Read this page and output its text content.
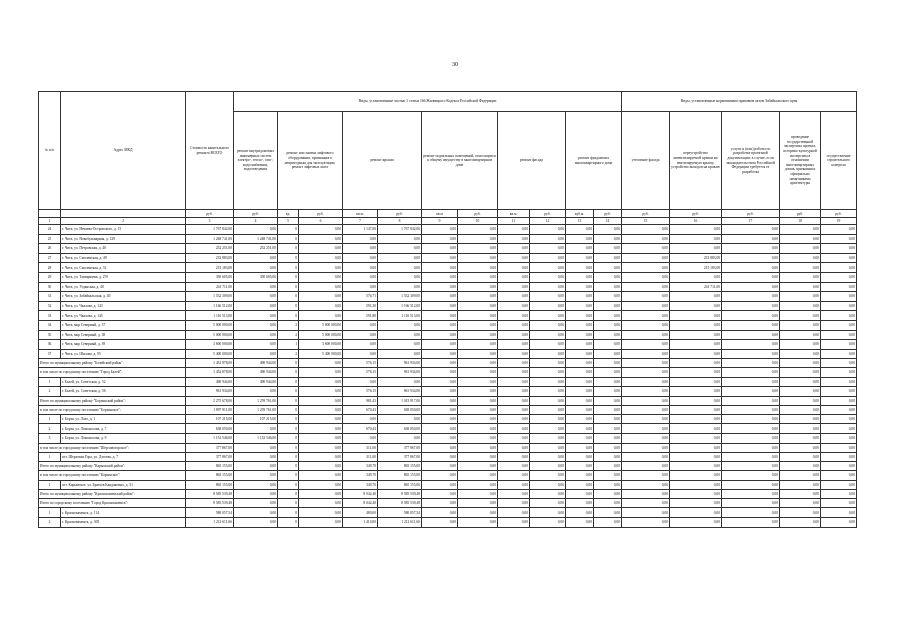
30
№ п/п	Адрес МКД	Стоимость капитального ремонта ВСЕГО	Виды, установленные частью 1 статьи 166 Жилищного Кодекса Российской Федерации											Виды, установленные нормативным правовым актом Забайкальского края				
			ремонт внутридомовых инженерных систем электро-, тепло-, газо-, водоснабжения, водоотведения	ремонт или замена лифтового оборудования, признанного непригодным для эксплуатации, ремонт лифтовых шахт		ремонт крыши		ремонт подвальных помещений, относящихся к общему имуществу в многоквартирном доме		ремонт фасада		ремонт фундамента многоквартирного дома		утепление фасада	переустройство невентилируемой крыши на вентилируемую крышу, устройство выходов на кровлю	услуги и (или) работы по разработке проектной документации, в случае, если законодательством Российской Федерации требуется ее разработка	проведение государственной экспертизы проекта, историко-культурной экспертизы в отношении многоквартирных домов, признанных официально памятниками архитектуры	осуществление строительного контроля
		руб.	руб.	ед.	руб.	кв.м.	руб.	кв.м	руб.	кв.м.	руб.	куб.м.	руб.	руб.	руб.	руб.	руб.	руб.
1	2	3	4	5	6	7	8	9	10	11	12	13	14	15	16	17	18	19
24	г. Чита, ул. Нечаева-Островского, д. 15	1 767 842,00	0,00	0	0,00	1 147,00	1 767 842,00	0,00	0,00	0,00	0,00	0,00	0,00	0,00	0,00	0,00	0,00	0,00
25	г. Чита, ул. Новобульварная, д. 129	1 248 741,00	1 248 741,00	0	0,00	0,00	0,00	0,00	0,00	0,00	0,00	0,00	0,00	0,00	0,00	0,00	0,00	0,00
26	г. Чита, ул. Петровская, д. 40	252 251,00	252 251,00	0	0,00	0,00	0,00	0,00	0,00	0,00	0,00	0,00	0,00	0,00	0,00	0,00	0,00	0,00
27	г. Чита, ул. Смоленская, д. 49	233 883,00	0,00	0	0,00	0,00	0,00	0,00	0,00	0,00	0,00	0,00	0,00	0,00	233 883,00	0,00	0,00	0,00
28	г. Чита, ул. Смоленская, д. 51	215 183,00	0,00	0	0,00	0,00	0,00	0,00	0,00	0,00	0,00	0,00	0,00	0,00	215 183,00	0,00	0,00	0,00
29	г. Чита, ул. Тимирязева, д. 27б	350 605,00	350 605,00	0	0,00	0,00	0,00	0,00	0,00	0,00	0,00	0,00	0,00	0,00	0,00	0,00	0,00	0,00
30	г. Чита, ул. Угданская, д. 40	241 711,00	0,00	0	0,00	0,00	0,00	0,00	0,00	0,00	0,00	0,00	0,00	0,00	241 711,00	0,00	0,00	0,00
31	г. Чита, ул. Забайкальская, д. 40	1 532 309,00	0,00	0	0,00	576,71	1 532 309,00	0,00	0,00	0,00	0,00	0,00	0,00	0,00	0,00	0,00	0,00	0,00
32	г. Чита, ул. Чкалова, д. 143	1 166 512,00	0,00	0	0,00	591,30	1 166 512,00	0,00	0,00	0,00	0,00	0,00	0,00	0,00	0,00	0,00	0,00	0,00
33	г. Чита, ул. Чкалова, д. 145	1 116 513,00	0,00	0	0,00	591,80	1 116 513,00	0,00	0,00	0,00	0,00	0,00	0,00	0,00	0,00	0,00	0,00	0,00
34	г. Чита, мкр Северный, д. 37	5 000 000,00	0,00	2	5 000 000,00	0,00	0,00	0,00	0,00	0,00	0,00	0,00	0,00	0,00	0,00	0,00	0,00	0,00
35	г. Чита, мкр Северный, д. 38	5 000 000,00	0,00	2	5 000 000,00	0,00	0,00	0,00	0,00	0,00	0,00	0,00	0,00	0,00	0,00	0,00	0,00	0,00
36	г. Чита, мкр Северный, д. 39	3 600 000,00	0,00	1	3 600 000,00	0,00	0,00	0,00	0,00	0,00	0,00	0,00	0,00	0,00	0,00	0,00	0,00	0,00
37	г. Чита, ул. Шилова, д. 95	5 400 000,00	0,00	2	5 400 000,00	0,00	0,00	0,00	0,00	0,00	0,00	0,00	0,00	0,00	0,00	0,00	0,00	0,00
Итого по муниципальному району "Балейский район":		1 452 878,00	490 944,00	0	0,00	576,15	961 934,00	0,00	0,00	0,00	0,00	0,00	0,00	0,00	0,00	0,00	0,00	0,00
в том числе по городскому поселению "Город Балей":		1 452 878,00	490 944,00	0	0,00	576,15	961 934,00	0,00	0,00	0,00	0,00	0,00	0,00	0,00	0,00	0,00	0,00	0,00
1	г. Балей, ул. Советская, д. 52	490 944,00	490 944,00	0	0,00	0,00	0,00	0,00	0,00	0,00	0,00	0,00	0,00	0,00	0,00	0,00	0,00	0,00
2	г. Балей, ул. Советская, д. 56	961 934,00	0,00	0	0,00	576,15	961 934,00	0,00	0,00	0,00	0,00	0,00	0,00	0,00	0,00	0,00	0,00	0,00
Итого по муниципальному району "Борзинский район":		2 275 678,00	1 259 761,00	0	0,00	981,43	1 015 917,00	0,00	0,00	0,00	0,00	0,00	0,00	0,00	0,00	0,00	0,00	0,00
в том числе по городскому поселению "Борзинское":		1 897 811,00	1 259 761,00	0	0,00	670,43	638 050,00	0,00	0,00	0,00	0,00	0,00	0,00	0,00	0,00	0,00	0,00	0,00
1	г. Борзя, ул. Лазо, д. 1	107 215,00	107 215,00	0	0,00	0,00	0,00	0,00	0,00	0,00	0,00	0,00	0,00	0,00	0,00	0,00	0,00	0,00
2	г. Борзя, ул. Ломоносова, д. 7	638 050,00	0,00	0	0,00	670,43	638 050,00	0,00	0,00	0,00	0,00	0,00	0,00	0,00	0,00	0,00	0,00	0,00
3	г. Борзя, ул. Ломоносова, д. 9	1 152 546,00	1 152 546,00	0	0,00	0,00	0,00	0,00	0,00	0,00	0,00	0,00	0,00	0,00	0,00	0,00	0,00	0,00
в том числе по городскому поселению "Шерловогорское":		377 867,00	0,00	0	0,00	311,00	377 867,00	0,00	0,00	0,00	0,00	0,00	0,00	0,00	0,00	0,00	0,00	0,00
1	пгт. Шерловая Гора, ул. Дзгоева, д. 7	377 867,00	0,00	0	0,00	311,00	377 867,00	0,00	0,00	0,00	0,00	0,00	0,00	0,00	0,00	0,00	0,00	0,00
Итого по муниципальному району "Карымский район":		865 155,00	0,00	0	0,00	349,70	865 155,00	0,00	0,00	0,00	0,00	0,00	0,00	0,00	0,00	0,00	0,00	0,00
в том числе по городскому поселению "Карымское":		865 155,00	0,00	0	0,00	349,70	865 155,00	0,00	0,00	0,00	0,00	0,00	0,00	0,00	0,00	0,00	0,00	0,00
1	пгт. Карымское, ул. Братьев Кандаковых, д. 31	865 155,00	0,00	0	0,00	349,70	865 155,00	0,00	0,00	0,00	0,00	0,00	0,00	0,00	0,00	0,00	0,00	0,00
Итого по муниципальному району "Краснокаменский район":		8 585 539,48	0,00	0	0,00	8 042,40	8 585 539,48	0,00	0,00	0,00	0,00	0,00	0,00	0,00	0,00	0,00	0,00	0,00
Итого по городскому поселению "Город Краснокаменск":		8 585 539,48	0,00	0	0,00	8 042,40	8 585 539,48	0,00	0,00	0,00	0,00	0,00	0,00	0,00	0,00	0,00	0,00	0,00
1	г. Краснокаменск, д. 114	580 057,54	0,00	0	0,00	480,00	580 057,54	0,00	0,00	0,00	0,00	0,00	0,00	0,00	0,00	0,00	0,00	0,00
2	г. Краснокаменск, д. 305	1 212 611,66	0,00	0	0,00	1 410,00	1 212 611,66	0,00	0,00	0,00	0,00	0,00	0,00	0,00	0,00	0,00	0,00	0,00
